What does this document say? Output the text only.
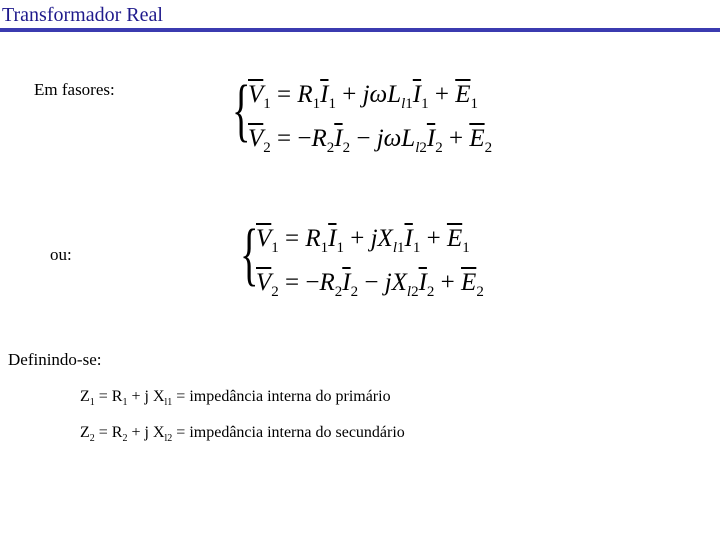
Transformador Real
Em fasores: {
$\overline{V}_1 = R_1\overline{I}_1 + j\omega L_{l1}\overline{I}_1 + \overline{E}_1$
$\overline{V}_2 = -R_2\overline{I}_2 - j\omega L_{l2}\overline{I}_2 + \overline{E}_2$
ou: {
$\overline{V}_1 = R_1\overline{I}_1 + jX_{l1}\overline{I}_1 + \overline{E}_1$
$\overline{V}_2 = -R_2\overline{I}_2 - jX_{l2}\overline{I}_2 + \overline{E}_2$
Definindo-se:
$Z_1 = R_1 + j$ $X_{l1}$ = impedância interna do primário
$Z_2 = R_2 + j$ $X_{l2}$ = impedância interna do secundário
